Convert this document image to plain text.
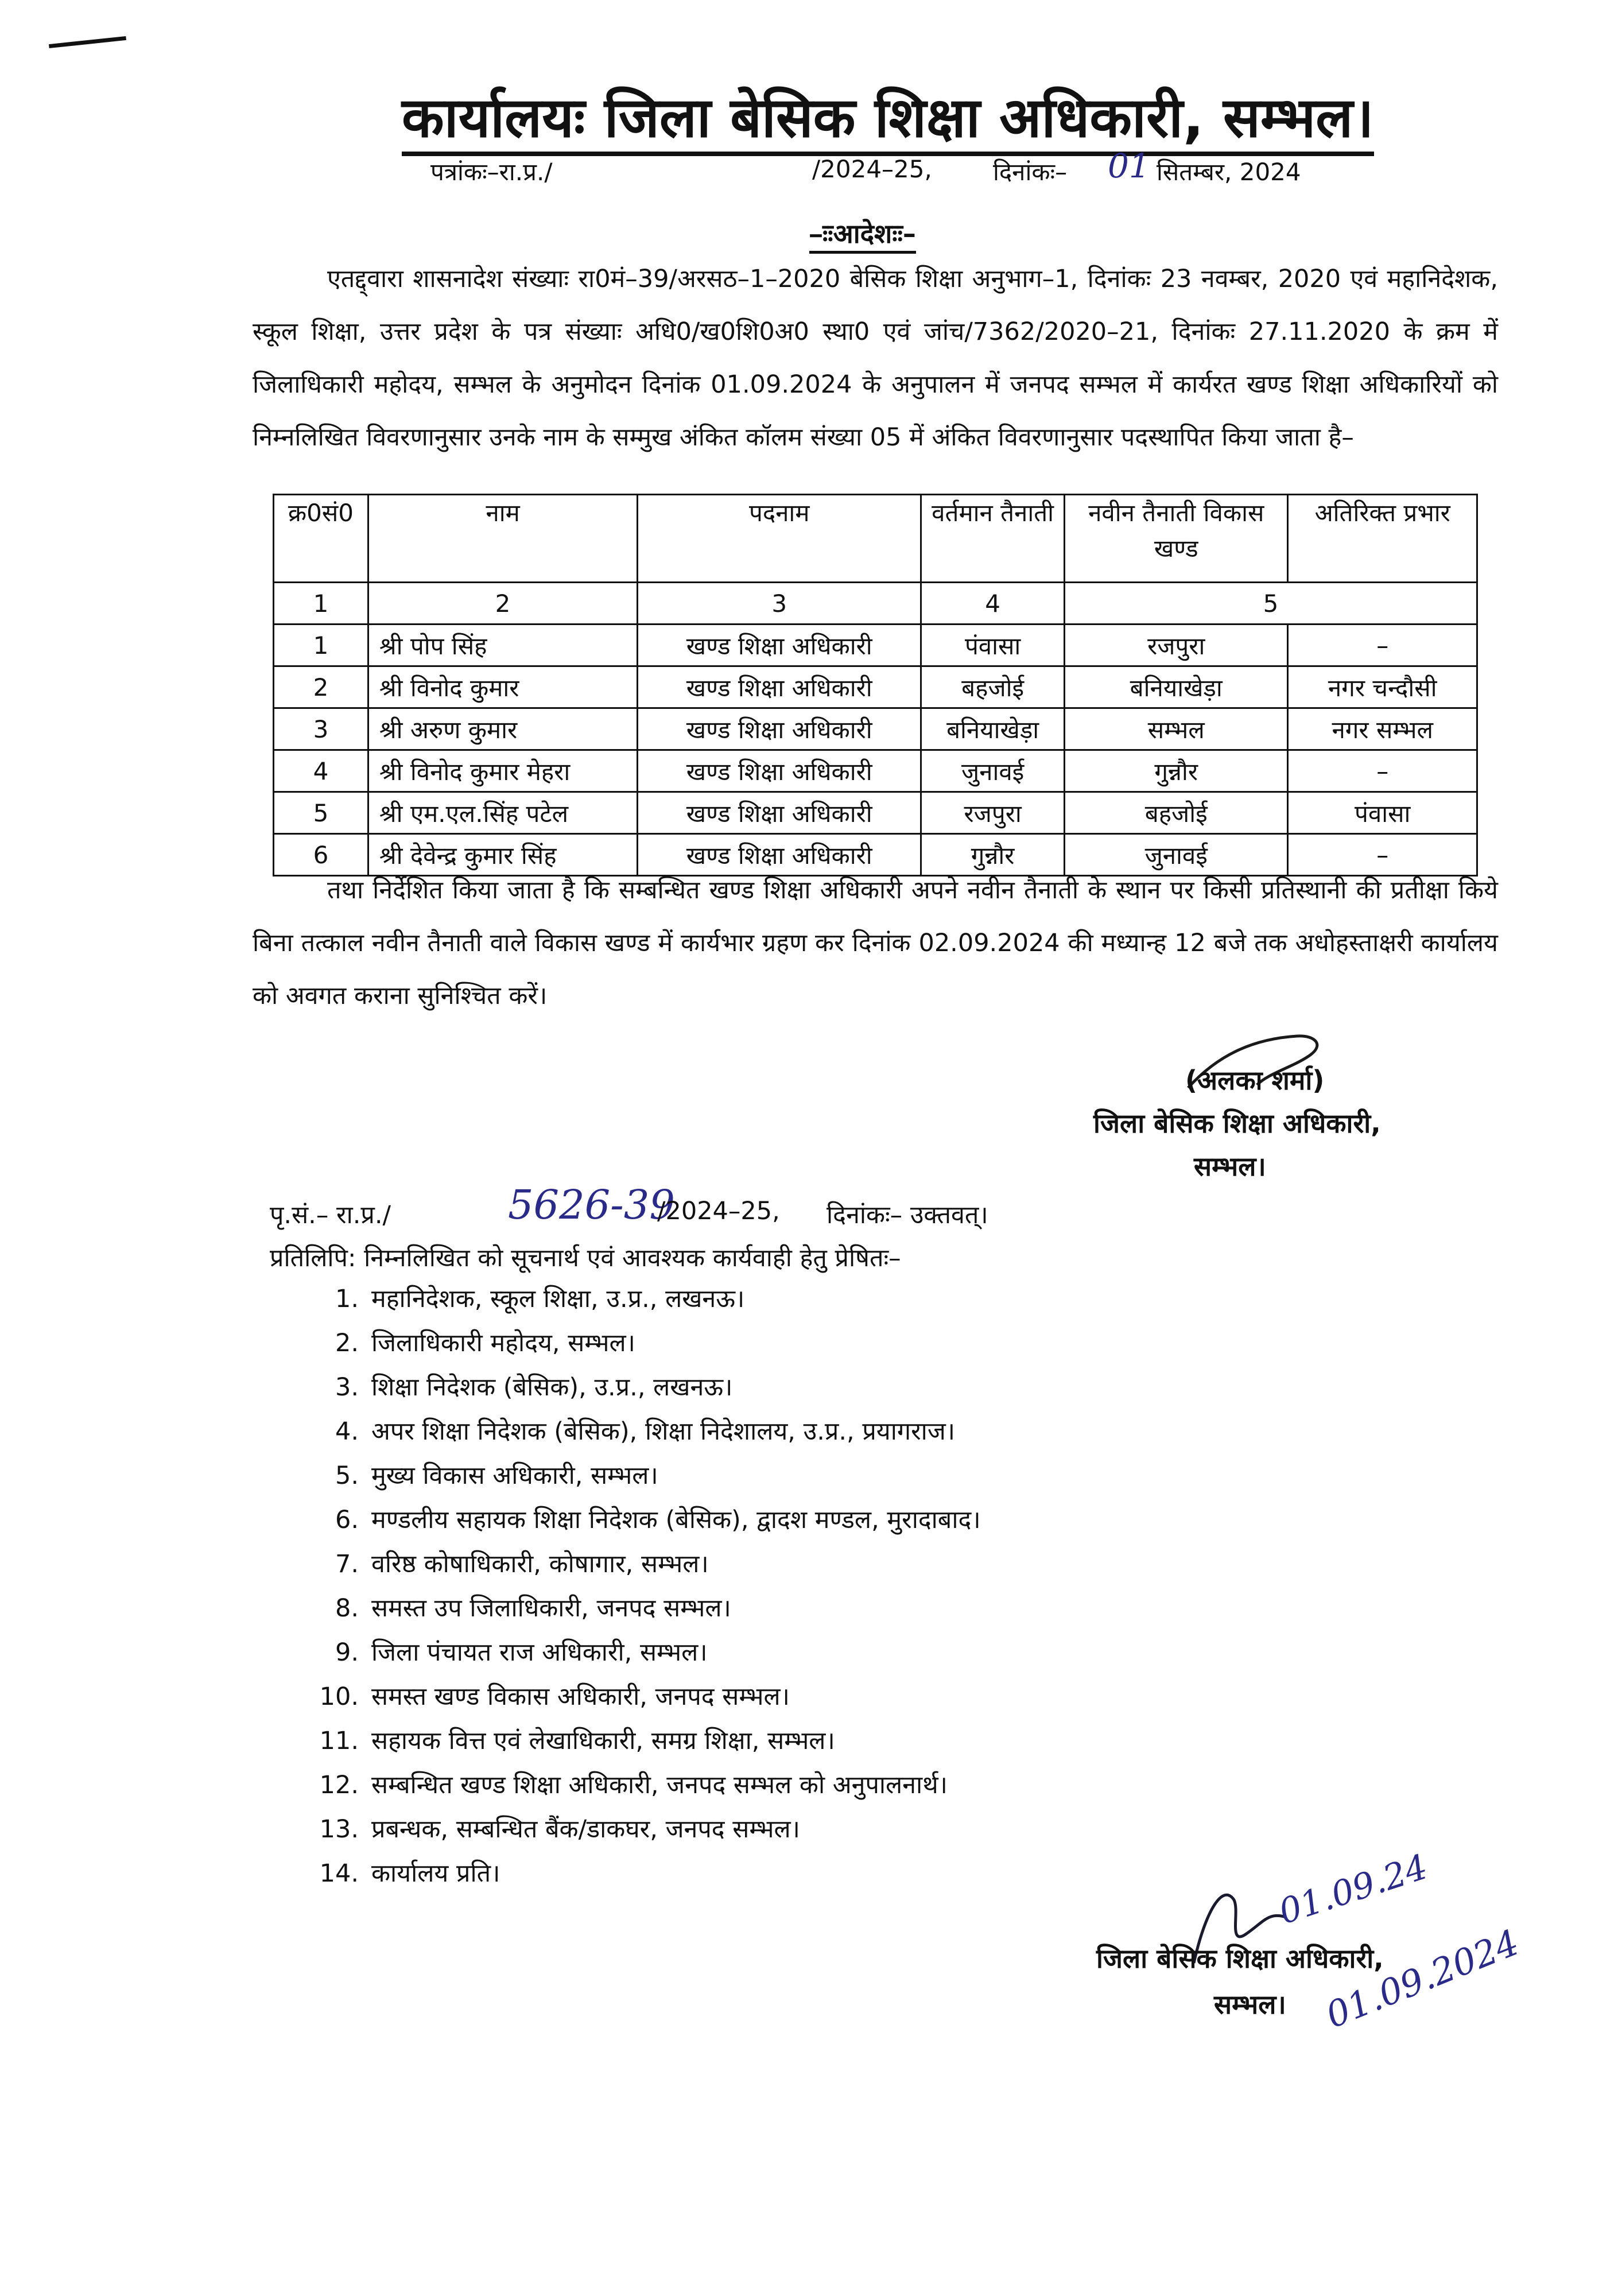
कार्यालयः जिला बेसिक शिक्षा अधिकारी, सम्भल।
पत्रांकः–रा.प्र./	/2024–25,	दिनांकः– 01 सितम्बर, 2024
–ःःआदेशःः–
एतद्द्वारा शासनादेश संख्याः रा0मं–39/अरसठ–1–2020 बेसिक शिक्षा अनुभाग–1, दिनांकः 23 नवम्बर, 2020 एवं महानिदेशक, स्कूल शिक्षा, उत्तर प्रदेश के पत्र संख्याः अधि0/ख0शि0अ0 स्था0 एवं जांच/7362/2020–21, दिनांकः 27.11.2020 के क्रम में जिलाधिकारी महोदय, सम्भल के अनुमोदन दिनांक 01.09.2024 के अनुपालन में जनपद सम्भल में कार्यरत खण्ड शिक्षा अधिकारियों को निम्नलिखित विवरणानुसार उनके नाम के सम्मुख अंकित कॉलम संख्या 05 में अंकित विवरणानुसार पदस्थापित किया जाता है–
क्र0सं0	नाम	पदनाम	वर्तमान तैनाती	नवीन तैनाती विकास खण्ड	अतिरिक्त प्रभार
1	2	3	4	5	
1	श्री पोप सिंह	खण्ड शिक्षा अधिकारी	पंवासा	रजपुरा	–
2	श्री विनोद कुमार	खण्ड शिक्षा अधिकारी	बहजोई	बनियाखेड़ा	नगर चन्दौसी
3	श्री अरुण कुमार	खण्ड शिक्षा अधिकारी	बनियाखेड़ा	सम्भल	नगर सम्भल
4	श्री विनोद कुमार मेहरा	खण्ड शिक्षा अधिकारी	जुनावई	गुन्नौर	–
5	श्री एम.एल.सिंह पटेल	खण्ड शिक्षा अधिकारी	रजपुरा	बहजोई	पंवासा
6	श्री देवेन्द्र कुमार सिंह	खण्ड शिक्षा अधिकारी	गुन्नौर	जुनावई	–
तथा निर्देशित किया जाता है कि सम्बन्धित खण्ड शिक्षा अधिकारी अपने नवीन तैनाती के स्थान पर किसी प्रतिस्थानी की प्रतीक्षा किये बिना तत्काल नवीन तैनाती वाले विकास खण्ड में कार्यभार ग्रहण कर दिनांक 02.09.2024 की मध्यान्ह 12 बजे तक अधोहस्ताक्षरी कार्यालय को अवगत कराना सुनिश्चित करें।
(अलका शर्मा)
जिला बेसिक शिक्षा अधिकारी,
सम्भल।
पृ.सं.– रा.प्र./	5626-39
/2024–25, दिनांकः– उक्तवत्।
प्रतिलिपि: निम्नलिखित को सूचनार्थ एवं आवश्यक कार्यवाही हेतु प्रेषितः–
1. महानिदेशक, स्कूल शिक्षा, उ.प्र., लखनऊ।
2. जिलाधिकारी महोदय, सम्भल।
3. शिक्षा निदेशक (बेसिक), उ.प्र., लखनऊ।
4. अपर शिक्षा निदेशक (बेसिक), शिक्षा निदेशालय, उ.प्र., प्रयागराज।
5. मुख्य विकास अधिकारी, सम्भल।
6. मण्डलीय सहायक शिक्षा निदेशक (बेसिक), द्वादश मण्डल, मुरादाबाद।
7. वरिष्ठ कोषाधिकारी, कोषागार, सम्भल।
8. समस्त उप जिलाधिकारी, जनपद सम्भल।
9. जिला पंचायत राज अधिकारी, सम्भल।
10. समस्त खण्ड विकास अधिकारी, जनपद सम्भल।
11. सहायक वित्त एवं लेखाधिकारी, समग्र शिक्षा, सम्भल।
12. सम्बन्धित खण्ड शिक्षा अधिकारी, जनपद सम्भल को अनुपालनार्थ।
13. प्रबन्धक, सम्बन्धित बैंक/डाकघर, जनपद सम्भल।
14. कार्यालय प्रति।
जिला बेसिक शिक्षा अधिकारी,
सम्भल।
01.09.24
01.09.2024
